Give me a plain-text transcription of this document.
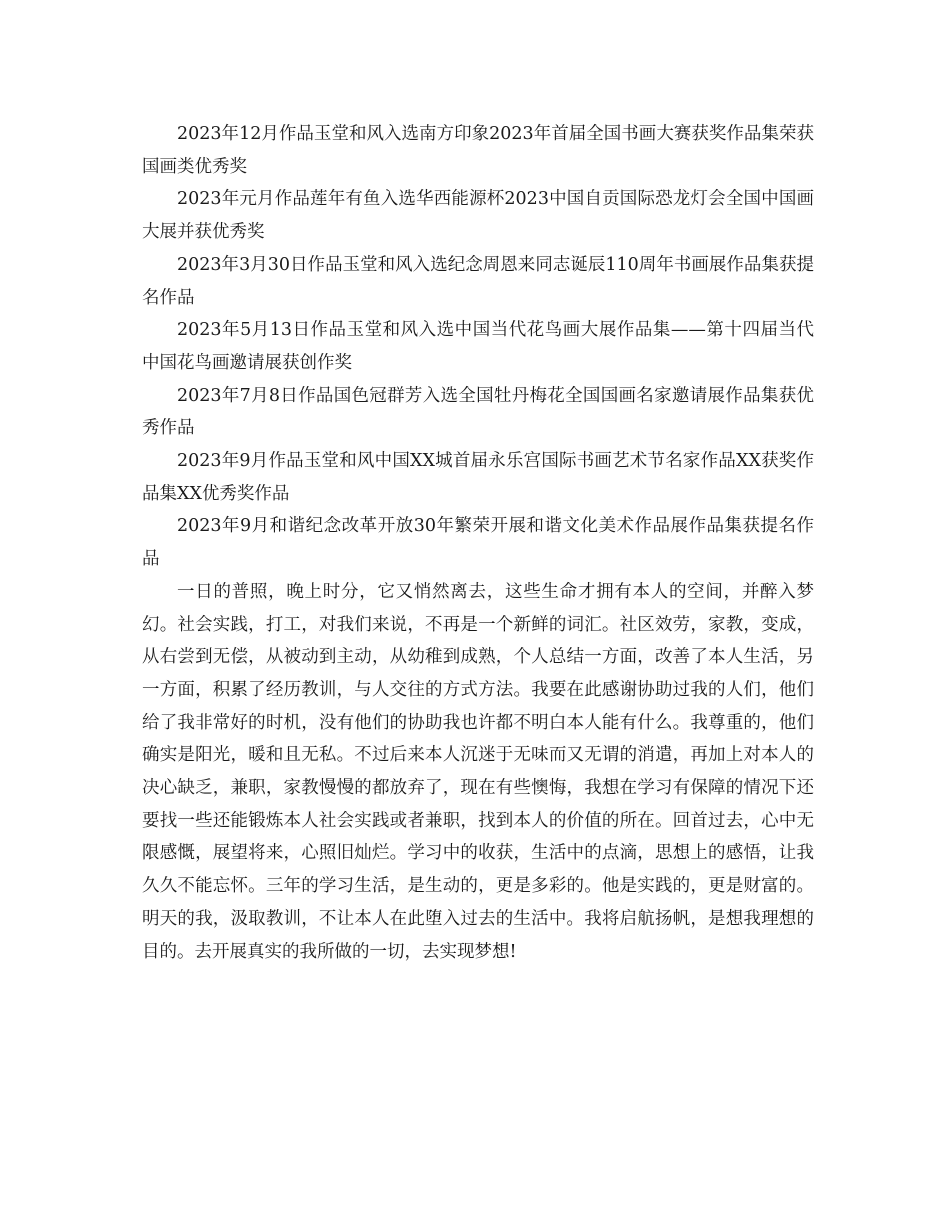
2023年12月作品玉堂和风入选南方印象2023年首届全国书画大赛获奖作品集荣获国画类优秀奖

2023年元月作品莲年有鱼入选华西能源杯2023中国自贡国际恐龙灯会全国中国画大展并获优秀奖

2023年3月30日作品玉堂和风入选纪念周恩来同志诞辰110周年书画展作品集获提名作品

2023年5月13日作品玉堂和风入选中国当代花鸟画大展作品集——第十四届当代中国花鸟画邀请展获创作奖

2023年7月8日作品国色冠群芳入选全国牡丹梅花全国国画名家邀请展作品集获优秀作品

2023年9月作品玉堂和风中国XX城首届永乐宫国际书画艺术节名家作品XX获奖作品集XX优秀奖作品

2023年9月和谐纪念改革开放30年繁荣开展和谐文化美术作品展作品集获提名作品

一日的普照，晚上时分，它又悄然离去，这些生命才拥有本人的空间，并醉入梦幻。社会实践，打工，对我们来说，不再是一个新鲜的词汇。社区效劳，家教，变成，从右尝到无偿，从被动到主动，从幼稚到成熟，个人总结一方面，改善了本人生活，另一方面，积累了经历教训，与人交往的方式方法。我要在此感谢协助过我的人们，他们给了我非常好的时机，没有他们的协助我也许都不明白本人能有什么。我尊重的，他们确实是阳光，暖和且无私。不过后来本人沉迷于无味而又无谓的消遣，再加上对本人的决心缺乏，兼职，家教慢慢的都放弃了，现在有些懊悔，我想在学习有保障的情况下还要找一些还能锻炼本人社会实践或者兼职，找到本人的价值的所在。回首过去，心中无限感慨，展望将来，心照旧灿烂。学习中的收获，生活中的点滴，思想上的感悟，让我久久不能忘怀。三年的学习生活，是生动的，更是多彩的。他是实践的，更是财富的。明天的我，汲取教训，不让本人在此堕入过去的生活中。我将启航扬帆，是想我理想的目的。去开展真实的我所做的一切，去实现梦想!
